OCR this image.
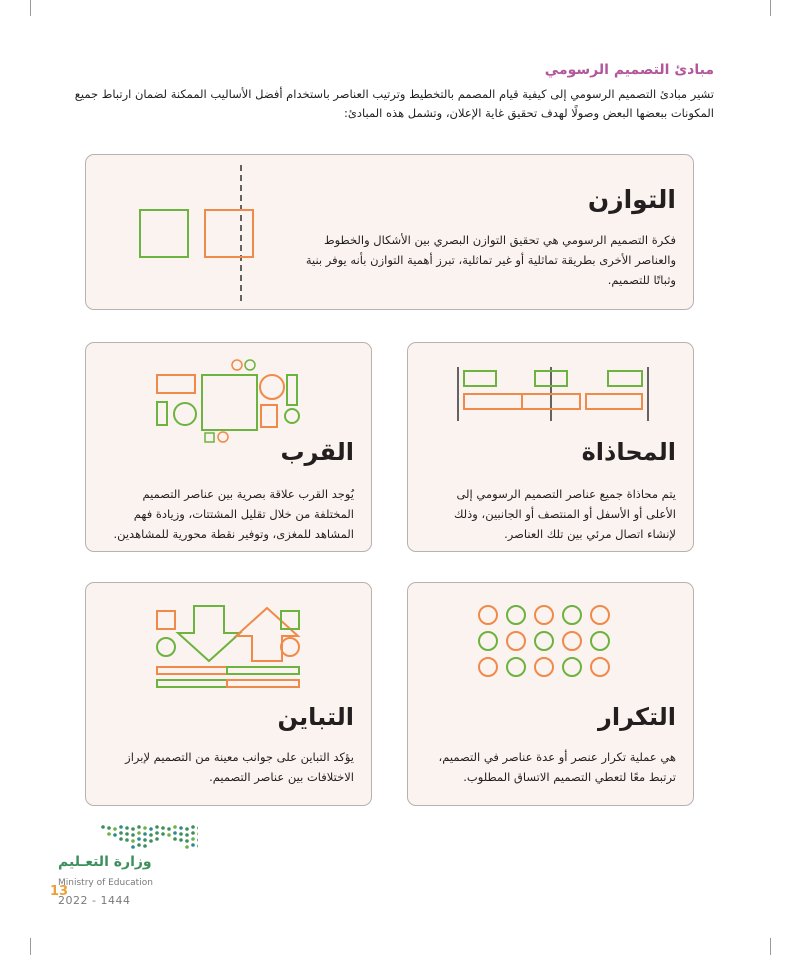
مبادئ التصميم الرسومي

تشير مبادئ التصميم الرسومي إلى كيفية قيام المصمم بالتخطيط وترتيب العناصر باستخدام أفضل الأساليب الممكنة لضمان ارتباط جميع المكونات ببعضها البعض وصولًا لهدف تحقيق غاية الإعلان، وتشمل هذه المبادئ:

التوازن

فكرة التصميم الرسومي هي تحقيق التوازن البصري بين الأشكال والخطوط والعناصر الأخرى بطريقة تماثلية أو غير تماثلية، تبرز أهمية التوازن بأنه يوفر بنية وثباتًا للتصميم.

المحاذاة

يتم محاذاة جميع عناصر التصميم الرسومي إلى الأعلى أو الأسفل أو المنتصف أو الجانبين، وذلك لإنشاء اتصال مرئي بين تلك العناصر.

القرب

يُوجد القرب علاقة بصرية بين عناصر التصميم المختلفة من خلال تقليل المشتتات، وزيادة فهم المشاهد للمغزى، وتوفير نقطة محورية للمشاهدين.

التكرار

هي عملية تكرار عنصر أو عدة عناصر في التصميم، ترتبط معًا لتعطي التصميم الاتساق المطلوب.

التباين

يؤكد التباين على جوانب معينة من التصميم لإبراز الاختلافات بين عناصر التصميم.

وزارة التعـليم

Ministry of Education

13

2022 - 1444
